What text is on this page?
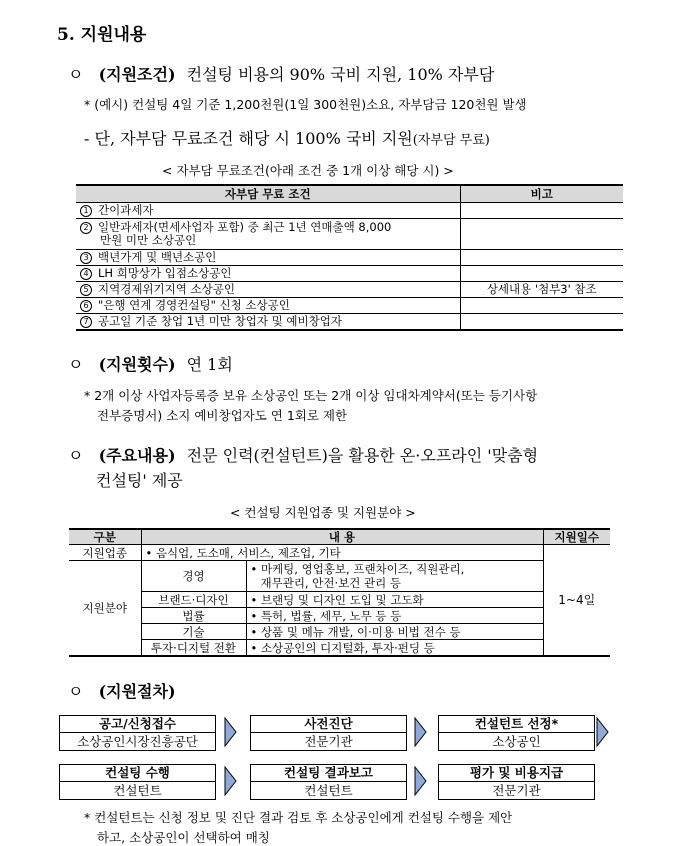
5. 지원내용
ㅇ (지원조건) 컨설팅 비용의 90% 국비 지원, 10% 자부담
* (예시) 컨설팅 4일 기준 1,200천원(1일 300천원)소요, 자부담금 120천원 발생
- 단, 자부담 무료조건 해당 시 100% 국비 지원(자부담 무료)
< 자부담 무료조건(아래 조건 중 1개 이상 해당 시) >
자부담 무료 조건	비고
1 간이과세자	
2 일반과세자(면세사업자 포함) 중 최근 1년 연매출액 8,000
만원 미만 소상공인	
3 백년가게 및 백년소공인	
4 LH 희망상가 입점소상공인	
5 지역경제위기지역 소상공인	상세내용 '첨부3' 참조
6 "은행 연계 경영컨설팅" 신청 소상공인	
7 공고일 기준 창업 1년 미만 창업자 및 예비창업자	
ㅇ (지원횟수) 연 1회
* 2개 이상 사업자등록증 보유 소상공인 또는 2개 이상 임대차계약서(또는 등기사항
전부증명서) 소지 예비창업자도 연 1회로 제한
ㅇ (주요내용) 전문 인력(컨설턴트)을 활용한 온·오프라인 '맞춤형
컨설팅' 제공
< 컨설팅 지원업종 및 지원분야 >
구분	내 용		지원일수
지원업종	• 음식업, 도소매, 서비스, 제조업, 기타		1~4일
지원분야	경영	• 마케팅, 영업홍보, 프랜차이즈, 직원관리,
재무관리, 안전·보건 관리 등	
	브랜드·디자인	• 브랜딩 및 디자인 도입 및 고도화	
	법률	• 특허, 법률, 세무, 노무 등 등	
	기술	• 상품 및 메뉴 개발, 이·미용 비법 전수 등	
	투자·디지털 전환	• 소상공인의 디지털화, 투자·펀딩 등	
ㅇ (지원절차)
공고/신청접수
소상공인시장진흥공단
사전진단
전문기관
컨설턴트 선정*
소상공인
컨설팅 수행
컨설턴트
컨설팅 결과보고
컨설턴트
평가 및 비용지급
전문기관
* 컨설턴트는 신청 정보 및 진단 결과 검토 후 소상공인에게 컨설팅 수행을 제안
하고, 소상공인이 선택하여 매칭
